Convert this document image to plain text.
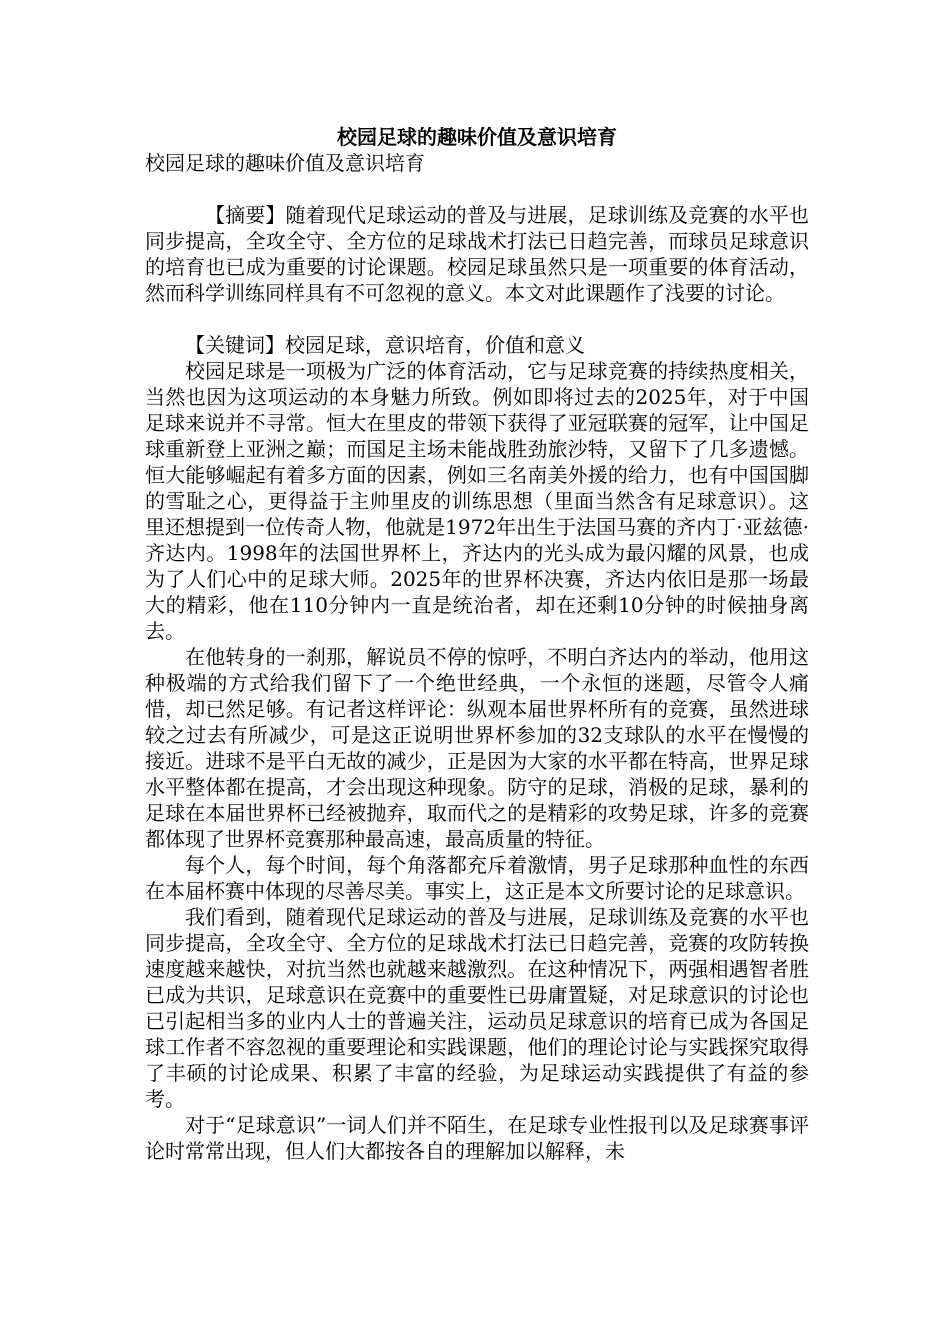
校园足球的趣味价值及意识培育
校园足球的趣味价值及意识培育
【摘要】随着现代足球运动的普及与进展，足球训练及竞赛的水平也同步提高，全攻全守、全方位的足球战术打法已日趋完善，而球员足球意识的培育也已成为重要的讨论课题。校园足球虽然只是一项重要的体育活动，然而科学训练同样具有不可忽视的意义。本文对此课题作了浅要的讨论。
【关键词】校园足球，意识培育，价值和意义

校园足球是一项极为广泛的体育活动，它与足球竞赛的持续热度相关，当然也因为这项运动的本身魅力所致。例如即将过去的2025年，对于中国足球来说并不寻常。恒大在里皮的带领下获得了亚冠联赛的冠军，让中国足球重新登上亚洲之巅；而国足主场未能战胜劲旅沙特，又留下了几多遗憾。恒大能够崛起有着多方面的因素，例如三名南美外援的给力，也有中国国脚的雪耻之心，更得益于主帅里皮的训练思想（里面当然含有足球意识）。这里还想提到一位传奇人物，他就是1972年出生于法国马赛的齐内丁·亚兹德·齐达内。1998年的法国世界杯上，齐达内的光头成为最闪耀的风景，也成为了人们心中的足球大师。2025年的世界杯决赛，齐达内依旧是那一场最大的精彩，他在110分钟内一直是统治者，却在还剩10分钟的时候抽身离去。

在他转身的一刹那，解说员不停的惊呼，不明白齐达内的举动，他用这种极端的方式给我们留下了一个绝世经典，一个永恒的迷题，尽管令人痛惜，却已然足够。有记者这样评论：纵观本届世界杯所有的竞赛，虽然进球较之过去有所减少，可是这正说明世界杯参加的32支球队的水平在慢慢的接近。进球不是平白无故的减少，正是因为大家的水平都在特高，世界足球水平整体都在提高，才会出现这种现象。防守的足球，消极的足球，暴利的足球在本届世界杯已经被抛弃，取而代之的是精彩的攻势足球，许多的竞赛都体现了世界杯竞赛那种最高速，最高质量的特征。

每个人，每个时间，每个角落都充斥着激情，男子足球那种血性的东西在本届杯赛中体现的尽善尽美。事实上，这正是本文所要讨论的足球意识。

我们看到，随着现代足球运动的普及与进展，足球训练及竞赛的水平也同步提高，全攻全守、全方位的足球战术打法已日趋完善，竞赛的攻防转换速度越来越快，对抗当然也就越来越激烈。在这种情况下，两强相遇智者胜已成为共识，足球意识在竞赛中的重要性已毋庸置疑，对足球意识的讨论也已引起相当多的业内人士的普遍关注，运动员足球意识的培育已成为各国足球工作者不容忽视的重要理论和实践课题，他们的理论讨论与实践探究取得了丰硕的讨论成果、积累了丰富的经验，为足球运动实践提供了有益的参考。

对于“足球意识”一词人们并不陌生，在足球专业性报刊以及足球赛事评论时常常出现，但人们大都按各自的理解加以解释，未
